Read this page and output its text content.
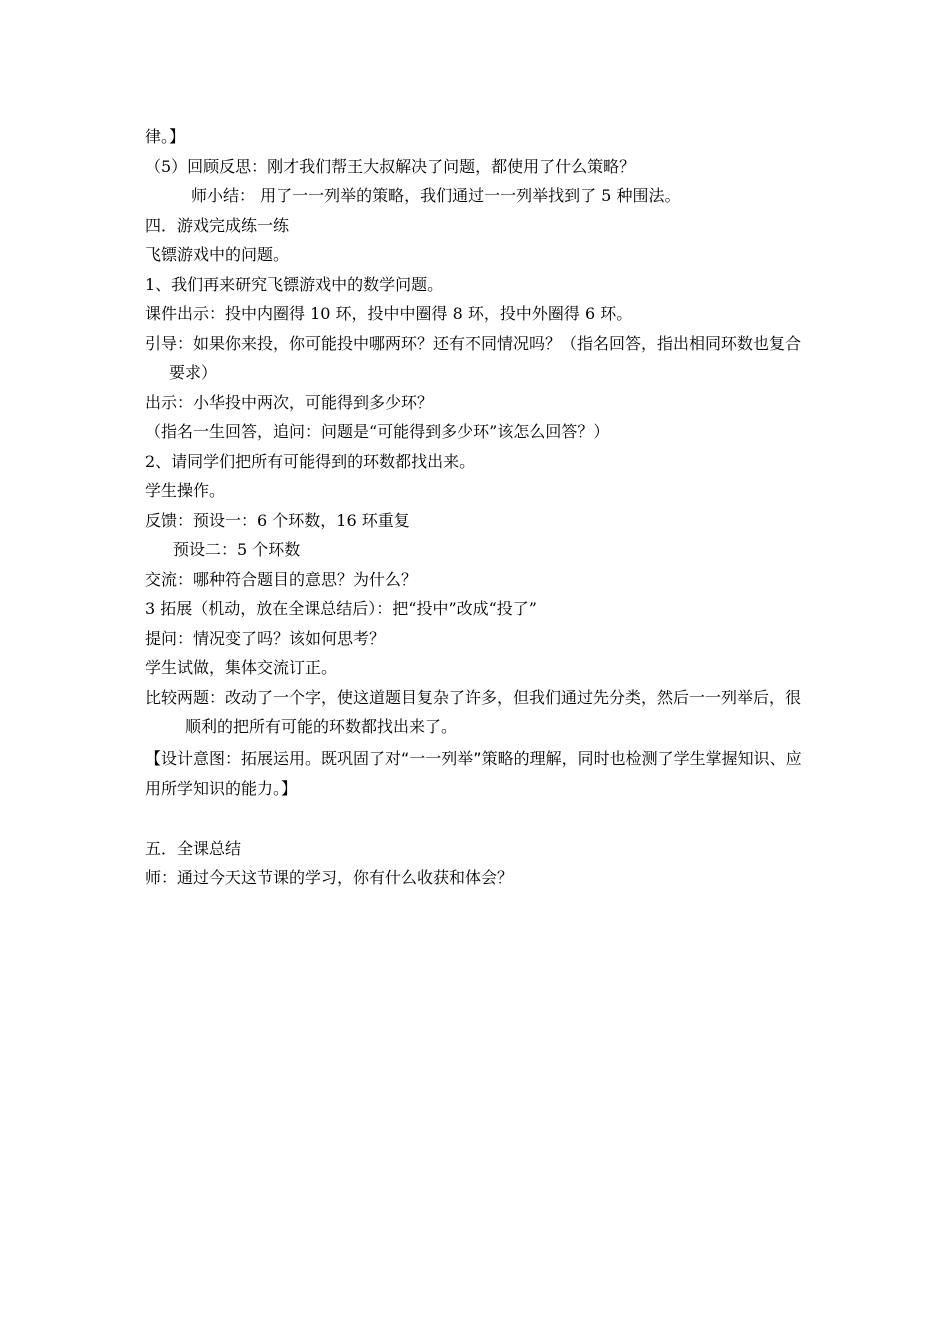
律。】
（5）回顾反思：刚才我们帮王大叔解决了问题，都使用了什么策略？
师小结： 用了一一列举的策略，我们通过一一列举找到了 5 种围法。
四．游戏完成练一练
飞镖游戏中的问题。
1、我们再来研究飞镖游戏中的数学问题。
课件出示：投中内圈得 10 环，投中中圈得 8 环，投中外圈得 6 环。
引导：如果你来投，你可能投中哪两环？还有不同情况吗？（指名回答，指出相同环数也复合要求）
出示：小华投中两次，可能得到多少环？
（指名一生回答，追问：问题是“可能得到多少环”该怎么回答？）
2、请同学们把所有可能得到的环数都找出来。
学生操作。
反馈：预设一：6 个环数，16 环重复
预设二：5 个环数
交流：哪种符合题目的意思？为什么？
3 拓展（机动，放在全课总结后）：把“投中”改成“投了”
提问：情况变了吗？该如何思考？
学生试做，集体交流订正。
比较两题：改动了一个字，使这道题目复杂了许多，但我们通过先分类，然后一一列举后，很顺利的把所有可能的环数都找出来了。
【设计意图：拓展运用。既巩固了对“一一列举”策略的理解，同时也检测了学生掌握知识、应用所学知识的能力。】
五．全课总结
师：通过今天这节课的学习，你有什么收获和体会？
